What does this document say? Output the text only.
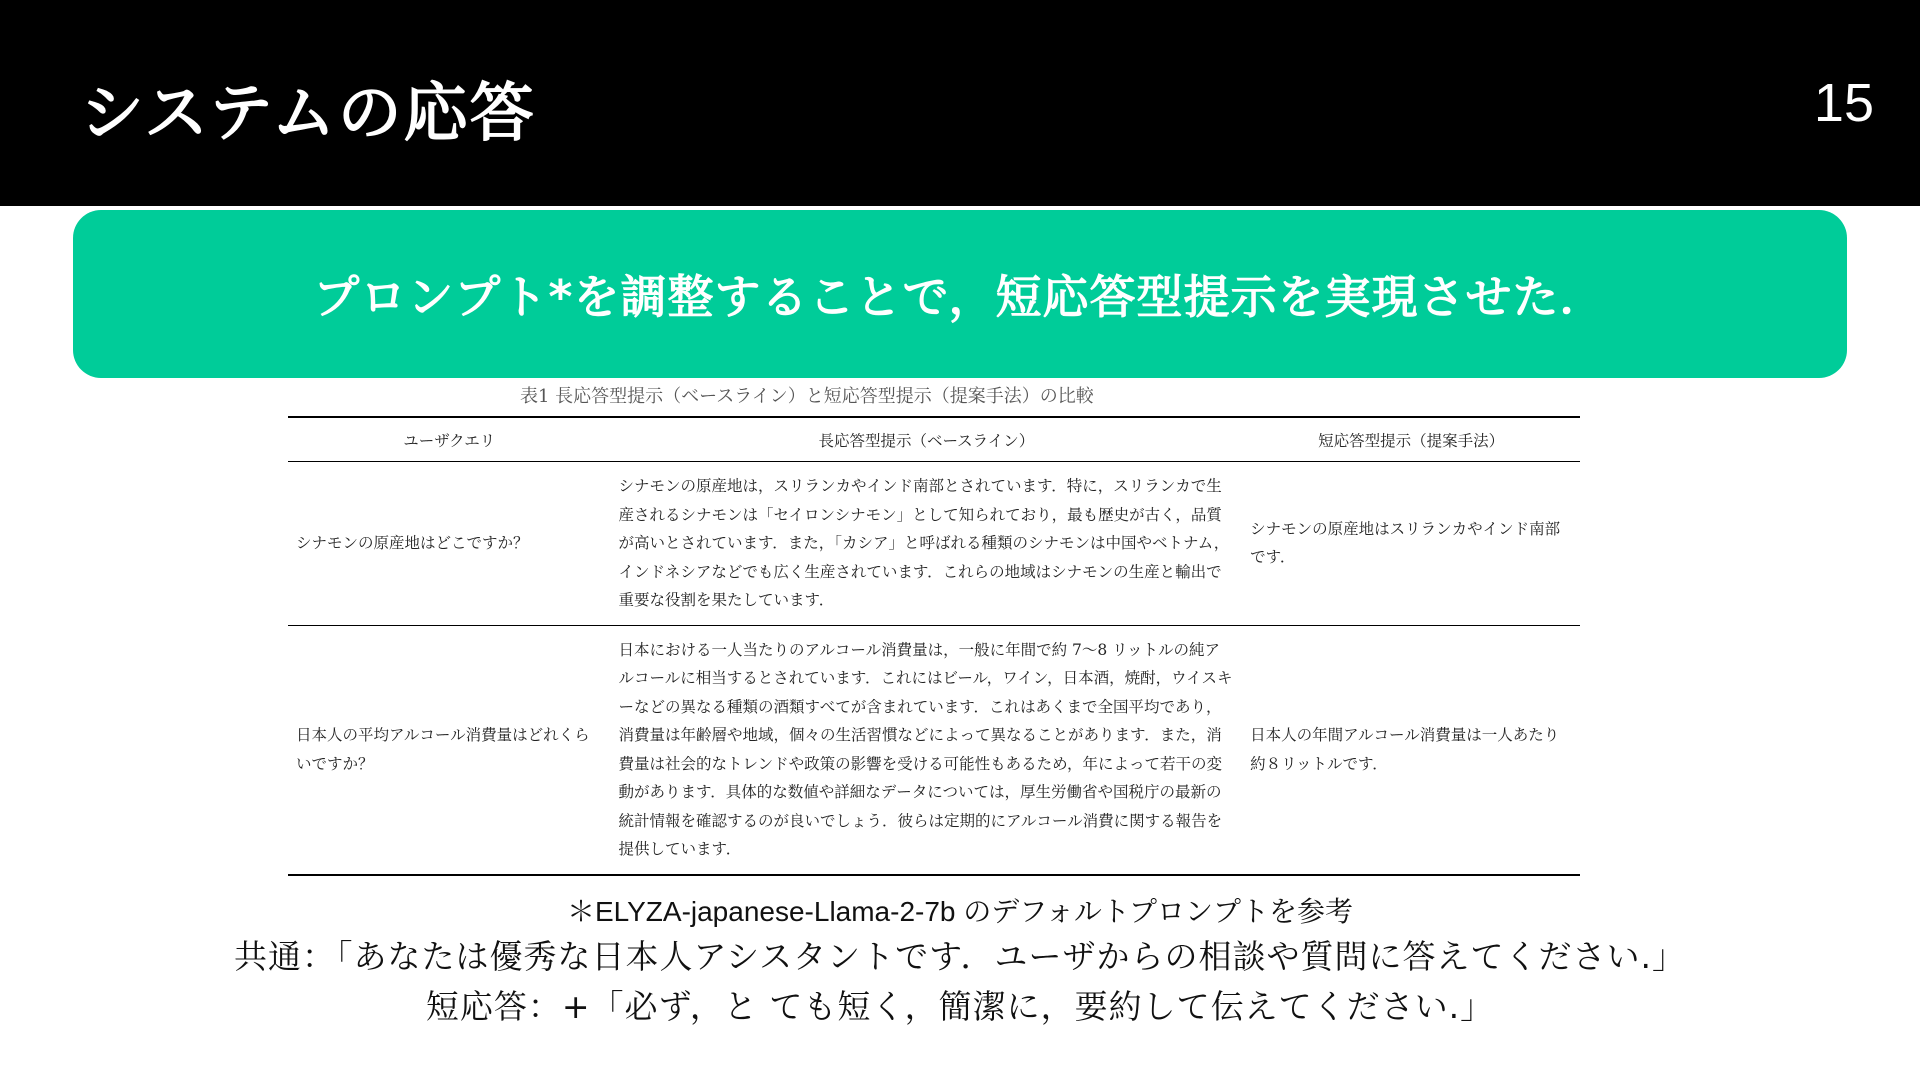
システムの応答	15
プロンプト*を調整することで，短応答型提示を実現させた．
表1 長応答型提示（ベースライン）と短応答型提示（提案手法）の比較
ユーザクエリ	長応答型提示（ベースライン）	短応答型提示（提案手法）
シナモンの原産地はどこですか？	シナモンの原産地は，スリランカやインド南部とされています．特に，スリランカで生産されるシナモンは「セイロンシナモン」として知られており，最も歴史が古く，品質が高いとされています．また，「カシア」と呼ばれる種類のシナモンは中国やベトナム，インドネシアなどでも広く生産されています．これらの地域はシナモンの生産と輸出で重要な役割を果たしています．	シナモンの原産地はスリランカやインド南部です．
日本人の平均アルコール消費量はどれくらいですか？	日本における一人当たりのアルコール消費量は，一般に年間で約 7〜8 リットルの純アルコールに相当するとされています．これにはビール，ワイン，日本酒，焼酎，ウイスキーなどの異なる種類の酒類すべてが含まれています．これはあくまで全国平均であり，消費量は年齢層や地域，個々の生活習慣などによって異なることがあります．また，消費量は社会的なトレンドや政策の影響を受ける可能性もあるため，年によって若干の変動があります．具体的な数値や詳細なデータについては，厚生労働省や国税庁の最新の統計情報を確認するのが良いでしょう．彼らは定期的にアルコール消費に関する報告を提供しています．	日本人の年間アルコール消費量は一人あたり約８リットルです．
＊ELYZA-japanese-Llama-2-7b のデフォルトプロンプトを参考
共通：「あなたは優秀な日本人アシスタントです．ユーザからの相談や質問に答えてください.」
短応答：+「必ず，と ても短く，簡潔に，要約して伝えてください.」
